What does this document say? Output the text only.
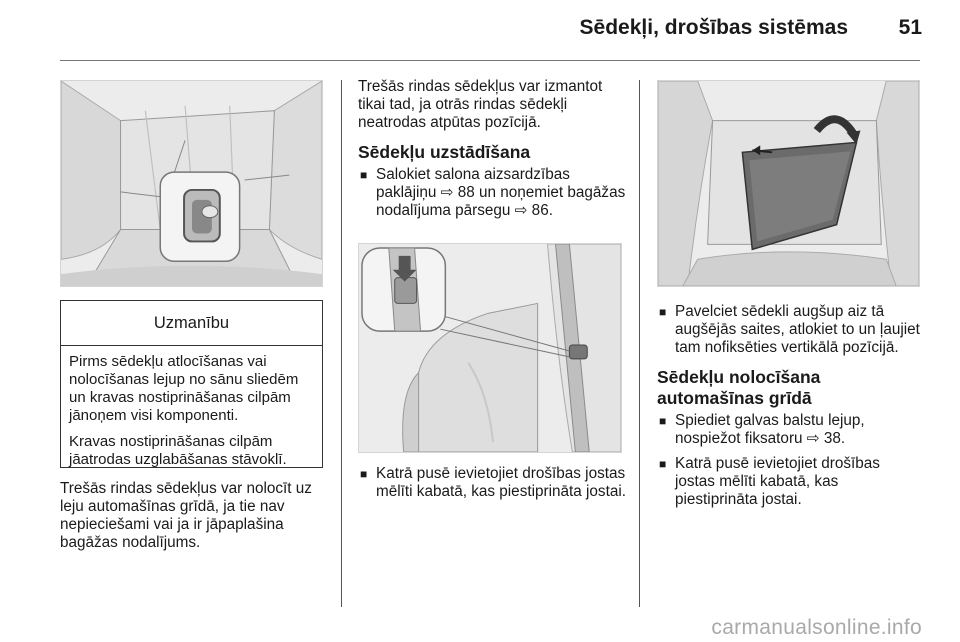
Sēdekļi, drošības sistēmas 51
Uzmanību

Pirms sēdekļu atlocīšanas vai nolocīšanas lejup no sānu sliedēm un kravas nostiprināšanas cilpām jānoņem visi komponenti.

Kravas nostiprināšanas cilpām jāatrodas uzglabāšanas stāvoklī.

Trešās rindas sēdekļus var nolocīt uz leju automašīnas grīdā, ja tie nav nepieciešami vai ja ir jāpaplašina bagāžas nodalījums.

Trešās rindas sēdekļus var izmantot tikai tad, ja otrās rindas sēdekļi neatrodas atpūtas pozīcijā.

Sēdekļu uzstādīšana
■ Salokiet salona aizsardzības paklājiņu ⇨ 88 un noņemiet bagāžas nodalījuma pārsegu ⇨ 86.
■ Katrā pusē ievietojiet drošības jostas mēlīti kabatā, kas piestiprināta jostai.
■ Pavelciet sēdekli augšup aiz tā augšējās saites, atlokiet to un ļaujiet tam nofiksēties vertikālā pozīcijā.
Sēdekļu nolocīšana automašīnas grīdā
■ Spiediet galvas balstu lejup, nospiežot fiksatoru ⇨ 38.
■ Katrā pusē ievietojiet drošības jostas mēlīti kabatā, kas piestiprināta jostai.
carmanualsonline.info
